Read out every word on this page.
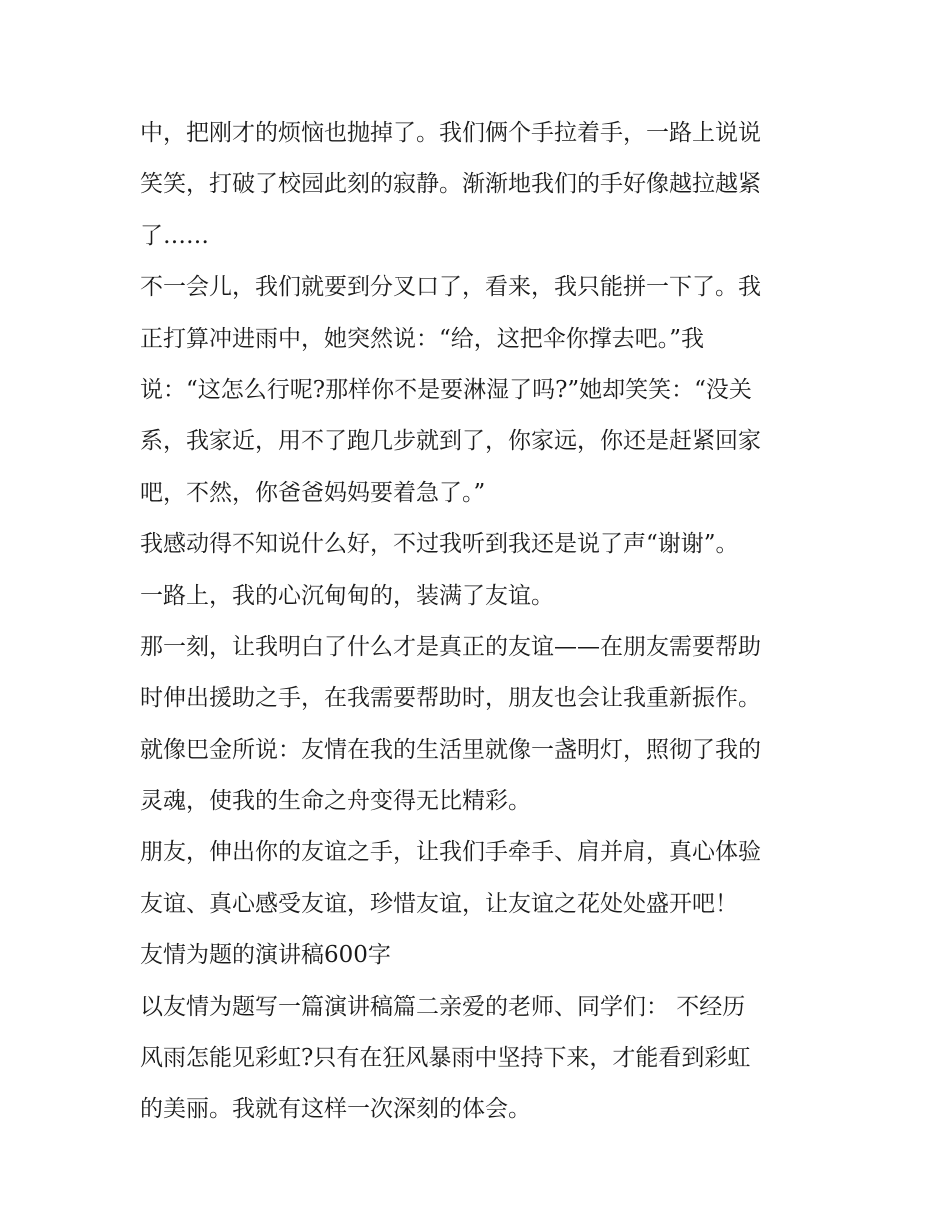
中，把刚才的烦恼也抛掉了。我们俩个手拉着手，一路上说说
笑笑，打破了校园此刻的寂静。渐渐地我们的手好像越拉越紧
了……
不一会儿，我们就要到分叉口了，看来，我只能拼一下了。我
正打算冲进雨中，她突然说：“给，这把伞你撑去吧。”我
说：“这怎么行呢?那样你不是要淋湿了吗?”她却笑笑：“没关
系，我家近，用不了跑几步就到了，你家远，你还是赶紧回家
吧，不然，你爸爸妈妈要着急了。”
我感动得不知说什么好，不过我听到我还是说了声“谢谢”。
一路上，我的心沉甸甸的，装满了友谊。
那一刻，让我明白了什么才是真正的友谊——在朋友需要帮助
时伸出援助之手，在我需要帮助时，朋友也会让我重新振作。
就像巴金所说：友情在我的生活里就像一盏明灯，照彻了我的
灵魂，使我的生命之舟变得无比精彩。
朋友，伸出你的友谊之手，让我们手牵手、肩并肩，真心体验
友谊、真心感受友谊，珍惜友谊，让友谊之花处处盛开吧！
友情为题的演讲稿600字
以友情为题写一篇演讲稿篇二亲爱的老师、同学们： 不经历
风雨怎能见彩虹?只有在狂风暴雨中坚持下来，才能看到彩虹
的美丽。我就有这样一次深刻的体会。
